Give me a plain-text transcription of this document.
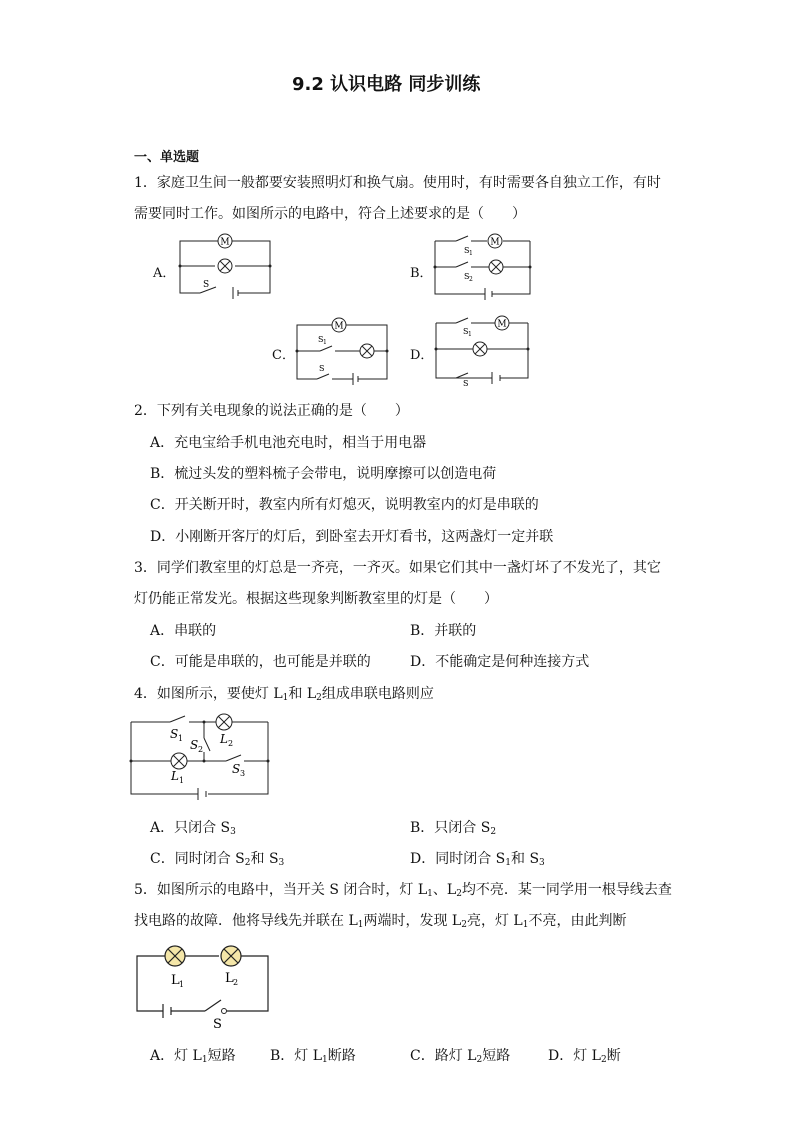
9.2 认识电路 同步训练
一、单选题
1．家庭卫生间一般都要安装照明灯和换气扇。使用时，有时需要各自独立工作，有时
需要同时工作。如图所示的电路中，符合上述要求的是（　　）
A．	B．
C．	D．
M
S
M
S 1
S 2
M
S 1
S
M
S 1
S
2．下列有关电现象的说法正确的是（　　）
A．充电宝给手机电池充电时，相当于用电器
B．梳过头发的塑料梳子会带电，说明摩擦可以创造电荷
C．开关断开时，教室内所有灯熄灭，说明教室内的灯是串联的
D．小刚断开客厅的灯后，到卧室去开灯看书，这两盏灯一定并联
3．同学们教室里的灯总是一齐亮，一齐灭。如果它们其中一盏灯坏了不发光了，其它
灯仍能正常发光。根据这些现象判断教室里的灯是（　　）
A．串联的	B．并联的
C．可能是串联的，也可能是并联的	D．不能确定是何种连接方式
4．如图所示，要使灯 $L_1$和 $L_2$组成串联电路则应
S 1 S 2
L 2
L 1
S 3
A．只闭合 $S_3$	B．只闭合 $S_2$
C．同时闭合 $S_2$和 $S_3$	D．同时闭合 $S_1$和 $S_3$
5．如图所示的电路中，当开关 S 闭合时，灯 $L_1$、$L_2$均不亮．某一同学用一根导线去查
找电路的故障．他将导线先并联在 $L_1$两端时，发现 $L_2$亮，灯 $L_1$不亮，由此判断
L 1	L 2
S
A．灯 $L_1$短路 B．灯 $L_1$断路	C．路灯 $L_2$短路	D．灯 $L_2$断
